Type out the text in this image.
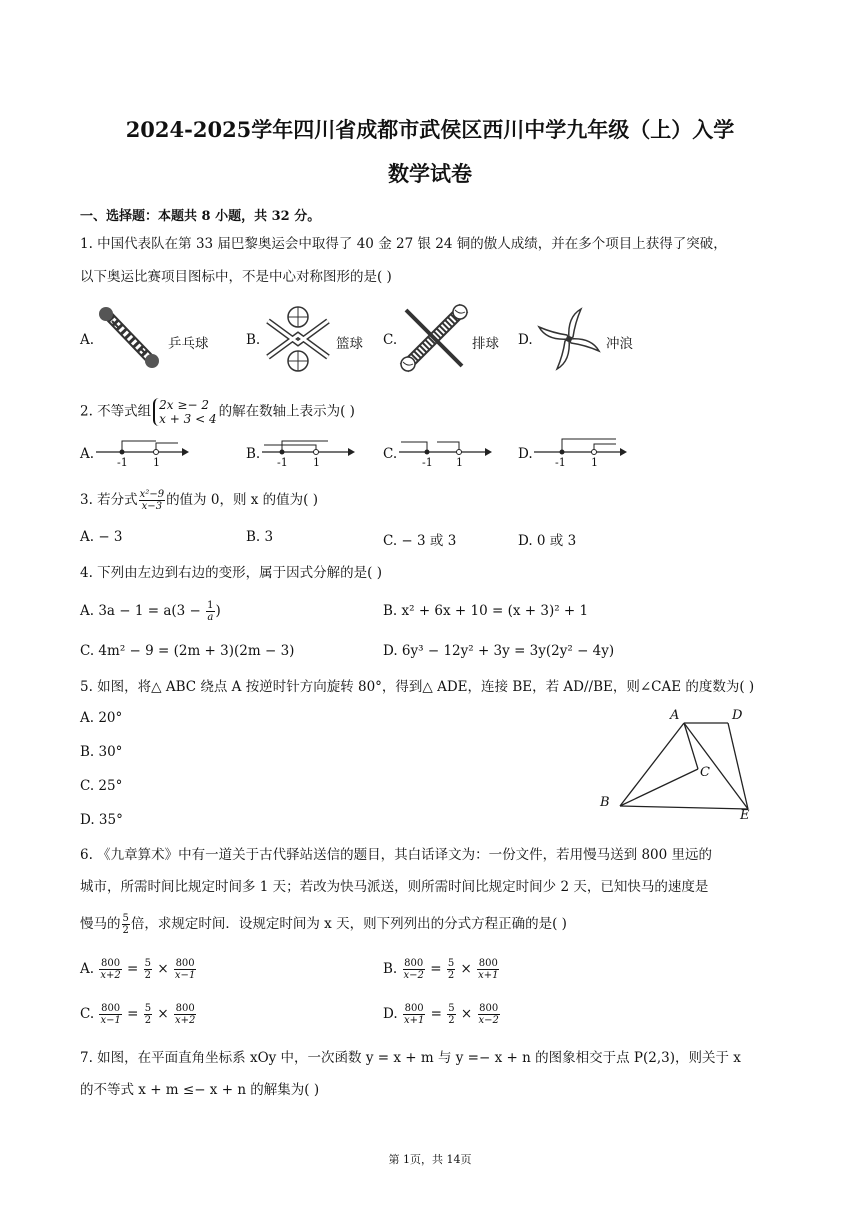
2024-2025学年四川省成都市武侯区西川中学九年级（上）入学
数学试卷
一、选择题：本题共 8 小题，共 32 分。
1. 中国代表队在第 33 届巴黎奥运会中取得了 40 金 27 银 24 铜的傲人成绩，并在多个项目上获得了突破，
以下奥运比赛项目图标中，不是中心对称图形的是( )
A.	乒乓球	B.	篮球 C.	排球 D.	冲浪
2. 不等式组 2x ≥− 2
x + 3 < 4 的解在数轴上表示为( )
A.
-1 1
B.
-1 1
C.
-1 1
D.
-1 1
3. 若分式 $\frac{\text{x²−9}}{x-3}$ 的值为 0，则 x 的值为( )
A. − 3	B. 3	C. − 3 或 3	D. 0 或 3
4. 下列由左边到右边的变形，属于因式分解的是( )
A. $3a - 1 = a(3 - \frac{1}{a}$ )	B. x² + 6x + 10 = (x + 3)² + 1
C. 4m² − 9 = (2m + 3)(2m − 3)	D. 6y³ − 12y² + 3y = 3y(2y² − 4y)
5. 如图，将△ ABC 绕点 A 按逆时针方向旋转 80°，得到△ ADE，连接 BE，若 AD//BE，则∠CAE 的度数为( )
A. 20°
B. 30°
C. 25°
D. 35°
A	D
C
B
E
6. 《九章算术》中有一道关于古代驿站送信的题目，其白话译文为：一份文件，若用慢马送到 800 里远的
城市，所需时间比规定时间多 1 天；若改为快马派送，则所需时间比规定时间少 2 天，已知快马的速度是
慢马的 $\frac{5}{2}$ 倍，求规定时间．设规定时间为 x 天，则下列列出的分式方程正确的是( )
A. $\frac{800}{x+2} = \frac{5}{2} \times \frac{800}{x-1}$	B. $\frac{800}{x-2} = \frac{5}{2} \times \frac{800}{x+1}$
C. $\frac{800}{x-1} = \frac{5}{2} \times \frac{800}{x+2}$	D. $\frac{800}{x+1} = \frac{5}{2} \times \frac{800}{x-2}$
7. 如图，在平面直角坐标系 xOy 中，一次函数 y = x + m 与 y =− x + n 的图象相交于点 P(2,3)，则关于 x
的不等式 x + m ≤− x + n 的解集为( )
第 1页，共 14页
